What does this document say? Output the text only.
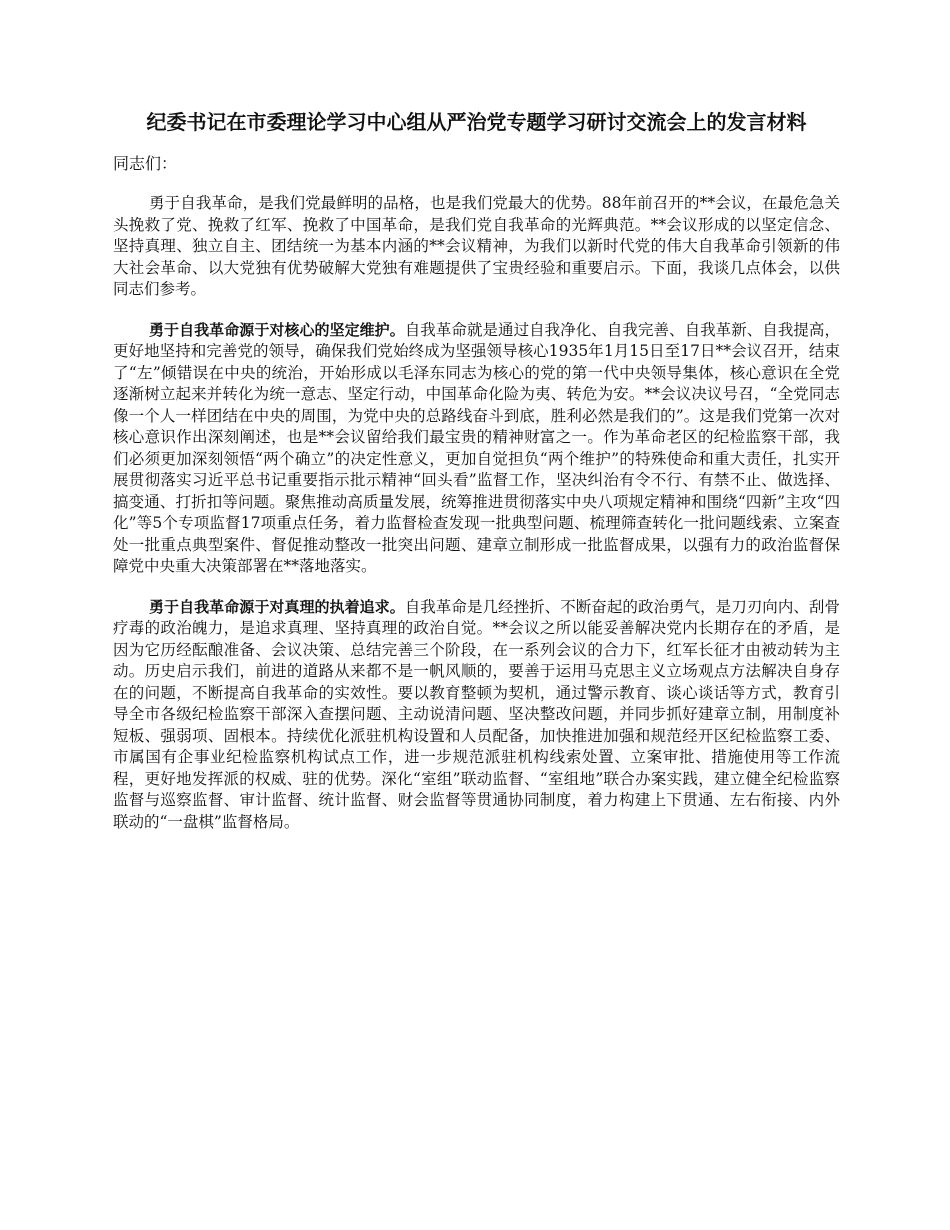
纪委书记在市委理论学习中心组从严治党专题学习研讨交流会上的发言材料

同志们：

勇于自我革命，是我们党最鲜明的品格，也是我们党最大的优势。88年前召开的**会议，在最危急关头挽救了党、挽救了红军、挽救了中国革命，是我们党自我革命的光辉典范。**会议形成的以坚定信念、坚持真理、独立自主、团结统一为基本内涵的**会议精神，为我们以新时代党的伟大自我革命引领新的伟大社会革命、以大党独有优势破解大党独有难题提供了宝贵经验和重要启示。下面，我谈几点体会，以供同志们参考。

勇于自我革命源于对核心的坚定维护。自我革命就是通过自我净化、自我完善、自我革新、自我提高，更好地坚持和完善党的领导，确保我们党始终成为坚强领导核心1935年1月15日至17日**会议召开，结束了“左”倾错误在中央的统治，开始形成以毛泽东同志为核心的党的第一代中央领导集体，核心意识在全党逐渐树立起来并转化为统一意志、坚定行动，中国革命化险为夷、转危为安。**会议决议号召，“全党同志像一个人一样团结在中央的周围，为党中央的总路线奋斗到底，胜利必然是我们的”。这是我们党第一次对核心意识作出深刻阐述，也是**会议留给我们最宝贵的精神财富之一。作为革命老区的纪检监察干部，我们必须更加深刻领悟“两个确立”的决定性意义，更加自觉担负“两个维护”的特殊使命和重大责任，扎实开展贯彻落实习近平总书记重要指示批示精神“回头看”监督工作，坚决纠治有令不行、有禁不止、做选择、搞变通、打折扣等问题。聚焦推动高质量发展，统筹推进贯彻落实中央八项规定精神和围绕“四新”主攻“四化”等5个专项监督17项重点任务，着力监督检查发现一批典型问题、梳理筛查转化一批问题线索、立案查处一批重点典型案件、督促推动整改一批突出问题、建章立制形成一批监督成果，以强有力的政治监督保障党中央重大决策部署在**落地落实。

勇于自我革命源于对真理的执着追求。自我革命是几经挫折、不断奋起的政治勇气，是刀刃向内、刮骨疗毒的政治魄力，是追求真理、坚持真理的政治自觉。**会议之所以能妥善解决党内长期存在的矛盾，是因为它历经酝酿准备、会议决策、总结完善三个阶段，在一系列会议的合力下，红军长征才由被动转为主动。历史启示我们，前进的道路从来都不是一帆风顺的，要善于运用马克思主义立场观点方法解决自身存在的问题，不断提高自我革命的实效性。要以教育整顿为契机，通过警示教育、谈心谈话等方式，教育引导全市各级纪检监察干部深入查摆问题、主动说清问题、坚决整改问题，并同步抓好建章立制，用制度补短板、强弱项、固根本。持续优化派驻机构设置和人员配备，加快推进加强和规范经开区纪检监察工委、市属国有企事业纪检监察机构试点工作，进一步规范派驻机构线索处置、立案审批、措施使用等工作流程，更好地发挥派的权威、驻的优势。深化“室组”联动监督、“室组地”联合办案实践，建立健全纪检监察监督与巡察监督、审计监督、统计监督、财会监督等贯通协同制度，着力构建上下贯通、左右衔接、内外联动的“一盘棋”监督格局。
